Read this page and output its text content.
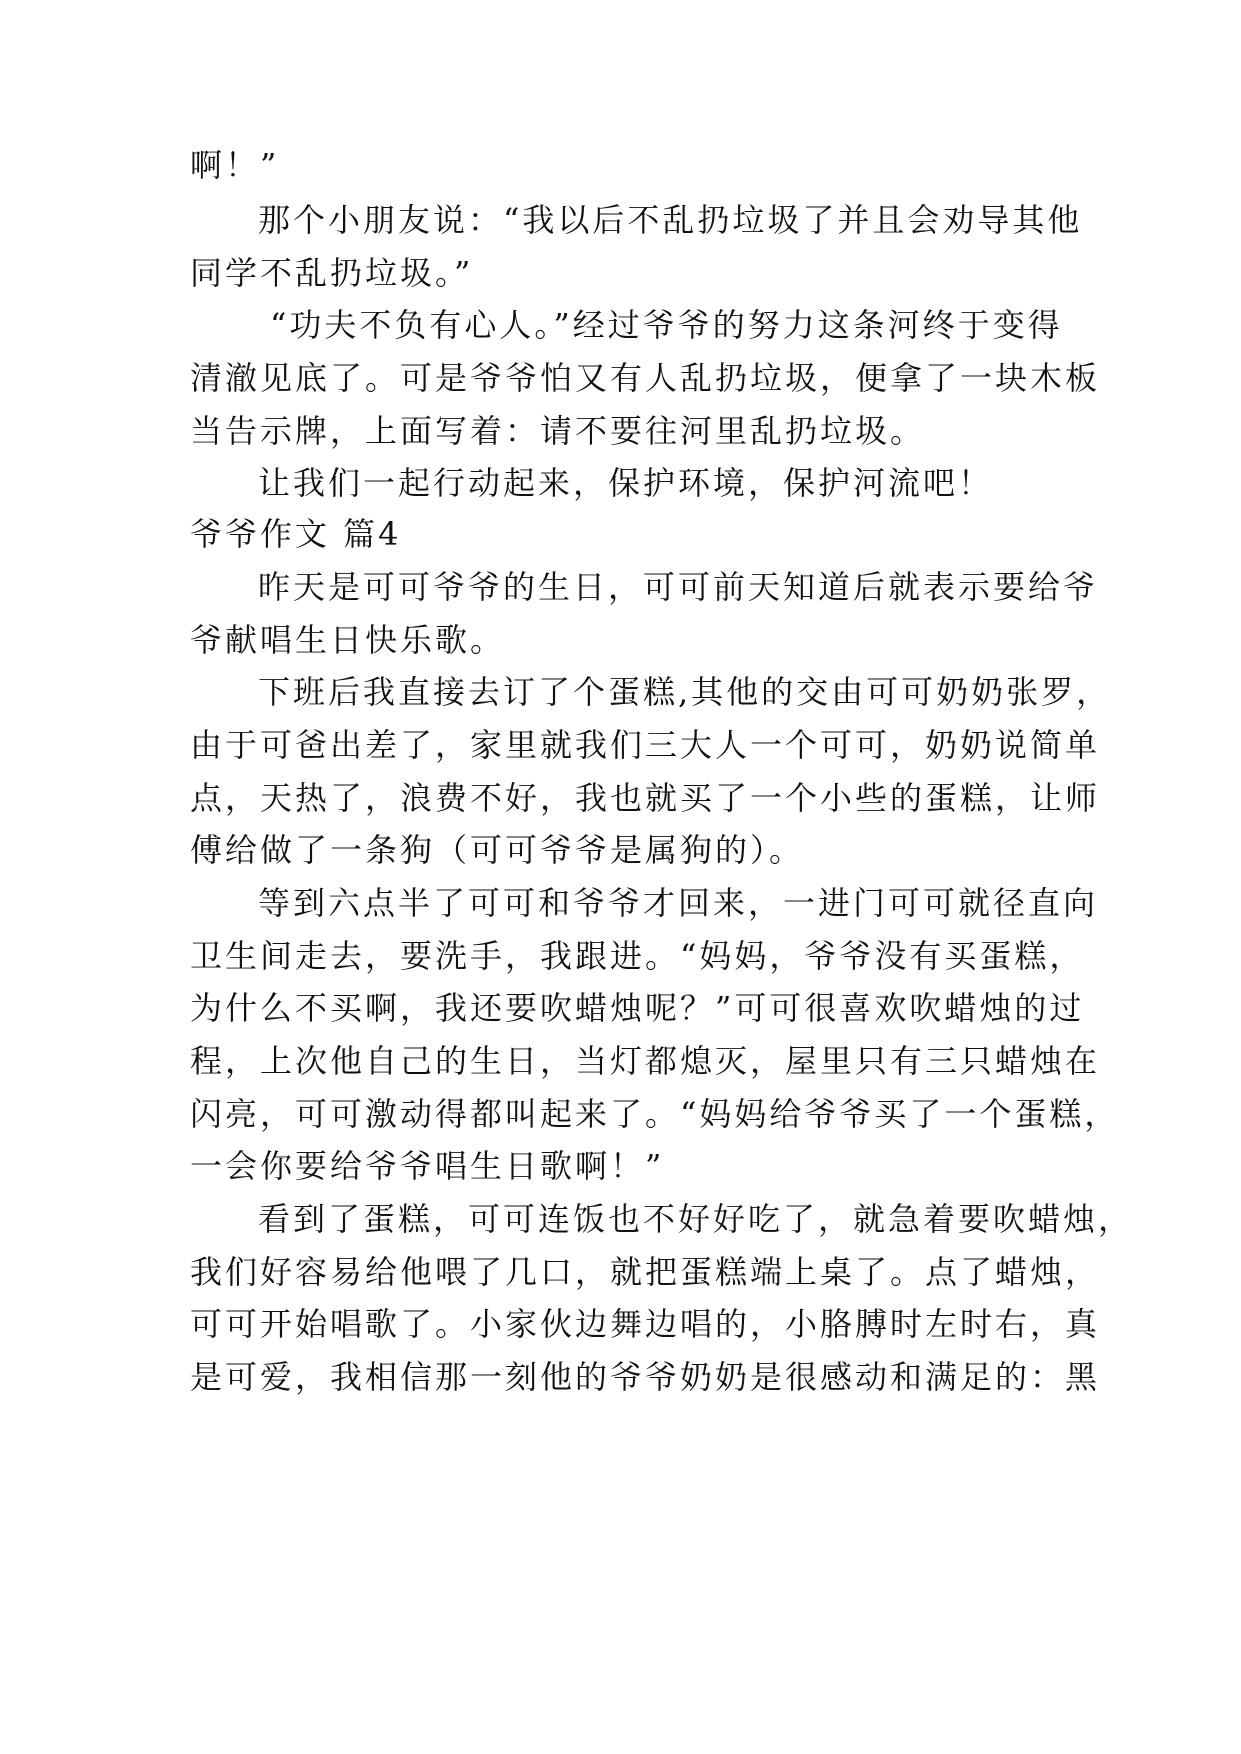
啊！”
那个小朋友说：“我以后不乱扔垃圾了并且会劝导其他
同学不乱扔垃圾。”
“功夫不负有心人。”经过爷爷的努力这条河终于变得
清澈见底了。可是爷爷怕又有人乱扔垃圾，便拿了一块木板
当告示牌，上面写着：请不要往河里乱扔垃圾。
让我们一起行动起来，保护环境，保护河流吧！
爷爷作文 篇4
昨天是可可爷爷的生日，可可前天知道后就表示要给爷
爷献唱生日快乐歌。
下班后我直接去订了个蛋糕,其他的交由可可奶奶张罗，
由于可爸出差了，家里就我们三大人一个可可，奶奶说简单
点，天热了，浪费不好，我也就买了一个小些的蛋糕，让师
傅给做了一条狗（可可爷爷是属狗的）。
等到六点半了可可和爷爷才回来，一进门可可就径直向
卫生间走去，要洗手，我跟进。“妈妈，爷爷没有买蛋糕，
为什么不买啊，我还要吹蜡烛呢？”可可很喜欢吹蜡烛的过
程，上次他自己的生日，当灯都熄灭，屋里只有三只蜡烛在
闪亮，可可激动得都叫起来了。“妈妈给爷爷买了一个蛋糕，
一会你要给爷爷唱生日歌啊！”
看到了蛋糕，可可连饭也不好好吃了，就急着要吹蜡烛，
我们好容易给他喂了几口，就把蛋糕端上桌了。点了蜡烛，
可可开始唱歌了。小家伙边舞边唱的，小胳膊时左时右，真
是可爱，我相信那一刻他的爷爷奶奶是很感动和满足的：黑
